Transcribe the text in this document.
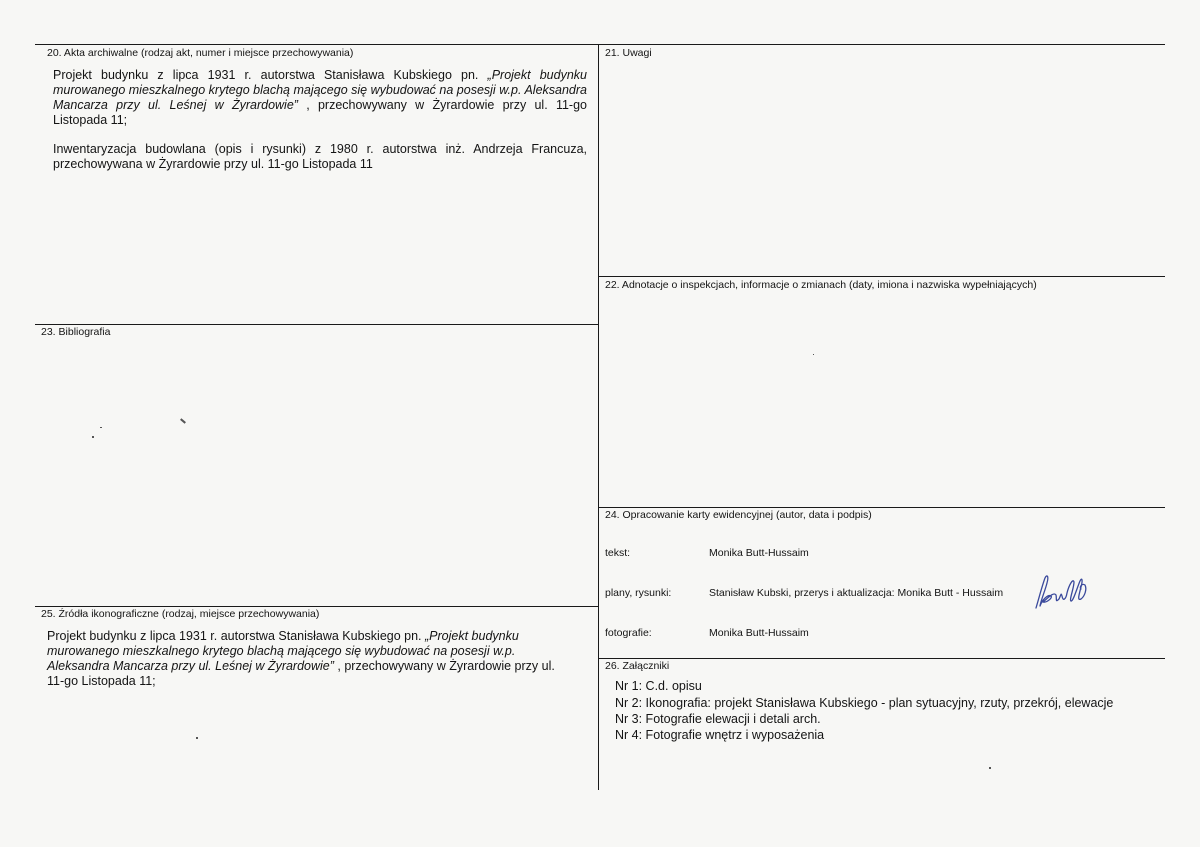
20. Akta archiwalne (rodzaj akt, numer i miejsce przechowywania)
Projekt budynku z lipca 1931 r. autorstwa Stanisława Kubskiego pn. „Projekt budynku murowanego mieszkalnego krytego blachą mającego się wybudować na posesji w.p. Aleksandra Mancarza przy ul. Leśnej w Żyrardowie” , przechowywany w Żyrardowie przy ul. 11-go Listopada 11;
Inwentaryzacja budowlana (opis i rysunki) z 1980 r. autorstwa inż. Andrzeja Francuza, przechowywana w Żyrardowie przy ul. 11-go Listopada 11
21. Uwagi
22. Adnotacje o inspekcjach, informacje o zmianach (daty, imiona i nazwiska wypełniających)
23. Bibliografia
24. Opracowanie karty ewidencyjnej (autor, data i podpis)
tekst:	Monika Butt-Hussaim
plany, rysunki:	Stanisław Kubski, przerys i aktualizacja: Monika Butt - Hussaim
fotografie:	Monika Butt-Hussaim
25. Źródła ikonograficzne (rodzaj, miejsce przechowywania)
Projekt budynku z lipca 1931 r. autorstwa Stanisława Kubskiego pn. „Projekt budynku murowanego mieszkalnego krytego blachą mającego się wybudować na posesji w.p. Aleksandra Mancarza przy ul. Leśnej w Żyrardowie” , przechowywany w Żyrardowie przy ul. 11-go Listopada 11;
26. Załączniki
Nr 1: C.d. opisu
Nr 2: Ikonografia: projekt Stanisława Kubskiego - plan sytuacyjny, rzuty, przekrój, elewacje
Nr 3: Fotografie elewacji i detali arch.
Nr 4: Fotografie wnętrz i wyposażenia
